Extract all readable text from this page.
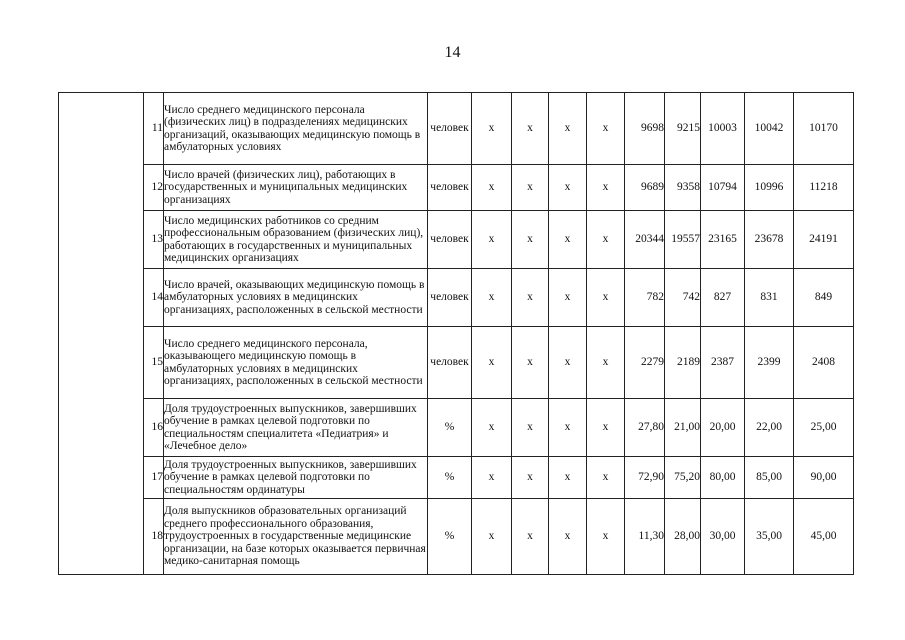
14
	11	Число среднего медицинского персонала (физических лиц) в подразделениях медицинских организаций, оказывающих медицинскую помощь в амбулаторных условиях	человек	х	х	х	х	9698	9215	10003	10042	10170
	12	Число врачей (физических лиц), работающих в государственных и муниципальных медицинских организациях	человек	х	х	х	х	9689	9358	10794	10996	11218
	13	Число медицинских работников со средним профессиональным образованием (физических лиц), работающих в государственных и муниципальных медицинских организациях	человек	х	х	х	х	20344	19557	23165	23678	24191
	14	Число врачей, оказывающих медицинскую помощь в амбулаторных условиях в медицинских организациях, расположенных в сельской местности	человек	х	х	х	х	782	742	827	831	849
	15	Число среднего медицинского персонала, оказывающего медицинскую помощь в амбулаторных условиях в медицинских организациях, расположенных в сельской местности	человек	х	х	х	х	2279	2189	2387	2399	2408
	16	Доля трудоустроенных выпускников, завершивших обучение в рамках целевой подготовки по специальностям специалитета «Педиатрия» и «Лечебное дело»	%	х	х	х	х	27,80	21,00	20,00	22,00	25,00
	17	Доля трудоустроенных выпускников, завершивших обучение в рамках целевой подготовки по специальностям ординатуры	%	х	х	х	х	72,90	75,20	80,00	85,00	90,00
	18	Доля выпускников образовательных организаций среднего профессионального образования, трудоустроенных в государственные медицинские организации, на базе которых оказывается первичная медико-санитарная помощь	%	х	х	х	х	11,30	28,00	30,00	35,00	45,00
